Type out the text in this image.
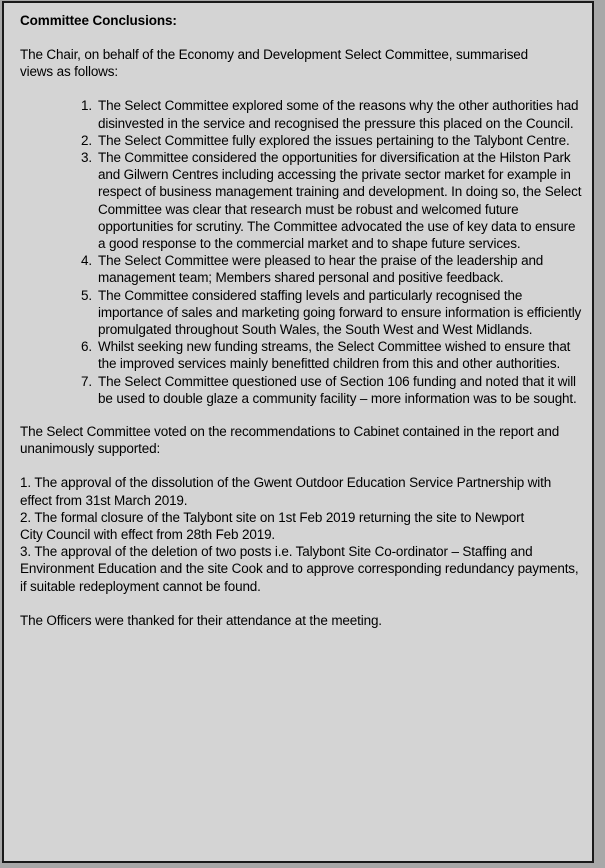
Committee Conclusions:

The Chair, on behalf of the Economy and Development Select Committee, summarised views as follows:

The Select Committee explored some of the reasons why the other authorities had disinvested in the service and recognised the pressure this placed on the Council.
The Select Committee fully explored the issues pertaining to the Talybont Centre.
The Committee considered the opportunities for diversification at the Hilston Park and Gilwern Centres including accessing the private sector market for example in respect of business management training and development. In doing so, the Select Committee was clear that research must be robust and welcomed future opportunities for scrutiny. The Committee advocated the use of key data to ensure a good response to the commercial market and to shape future services.
The Select Committee were pleased to hear the praise of the leadership and management team; Members shared personal and positive feedback.
The Committee considered staffing levels and particularly recognised the importance of sales and marketing going forward to ensure information is efficiently promulgated throughout South Wales, the South West and West Midlands.
Whilst seeking new funding streams, the Select Committee wished to ensure that the improved services mainly benefitted children from this and other authorities.
The Select Committee questioned use of Section 106 funding and noted that it will be used to double glaze a community facility – more information was to be sought.

The Select Committee voted on the recommendations to Cabinet contained in the report and unanimously supported:

1. The approval of the dissolution of the Gwent Outdoor Education Service Partnership with effect from 31st March 2019.
2. The formal closure of the Talybont site on 1st Feb 2019 returning the site to Newport
City Council with effect from 28th Feb 2019.
3. The approval of the deletion of two posts i.e. Talybont Site Co-ordinator – Staffing and Environment Education and the site Cook and to approve corresponding redundancy payments, if suitable redeployment cannot be found.

The Officers were thanked for their attendance at the meeting.
